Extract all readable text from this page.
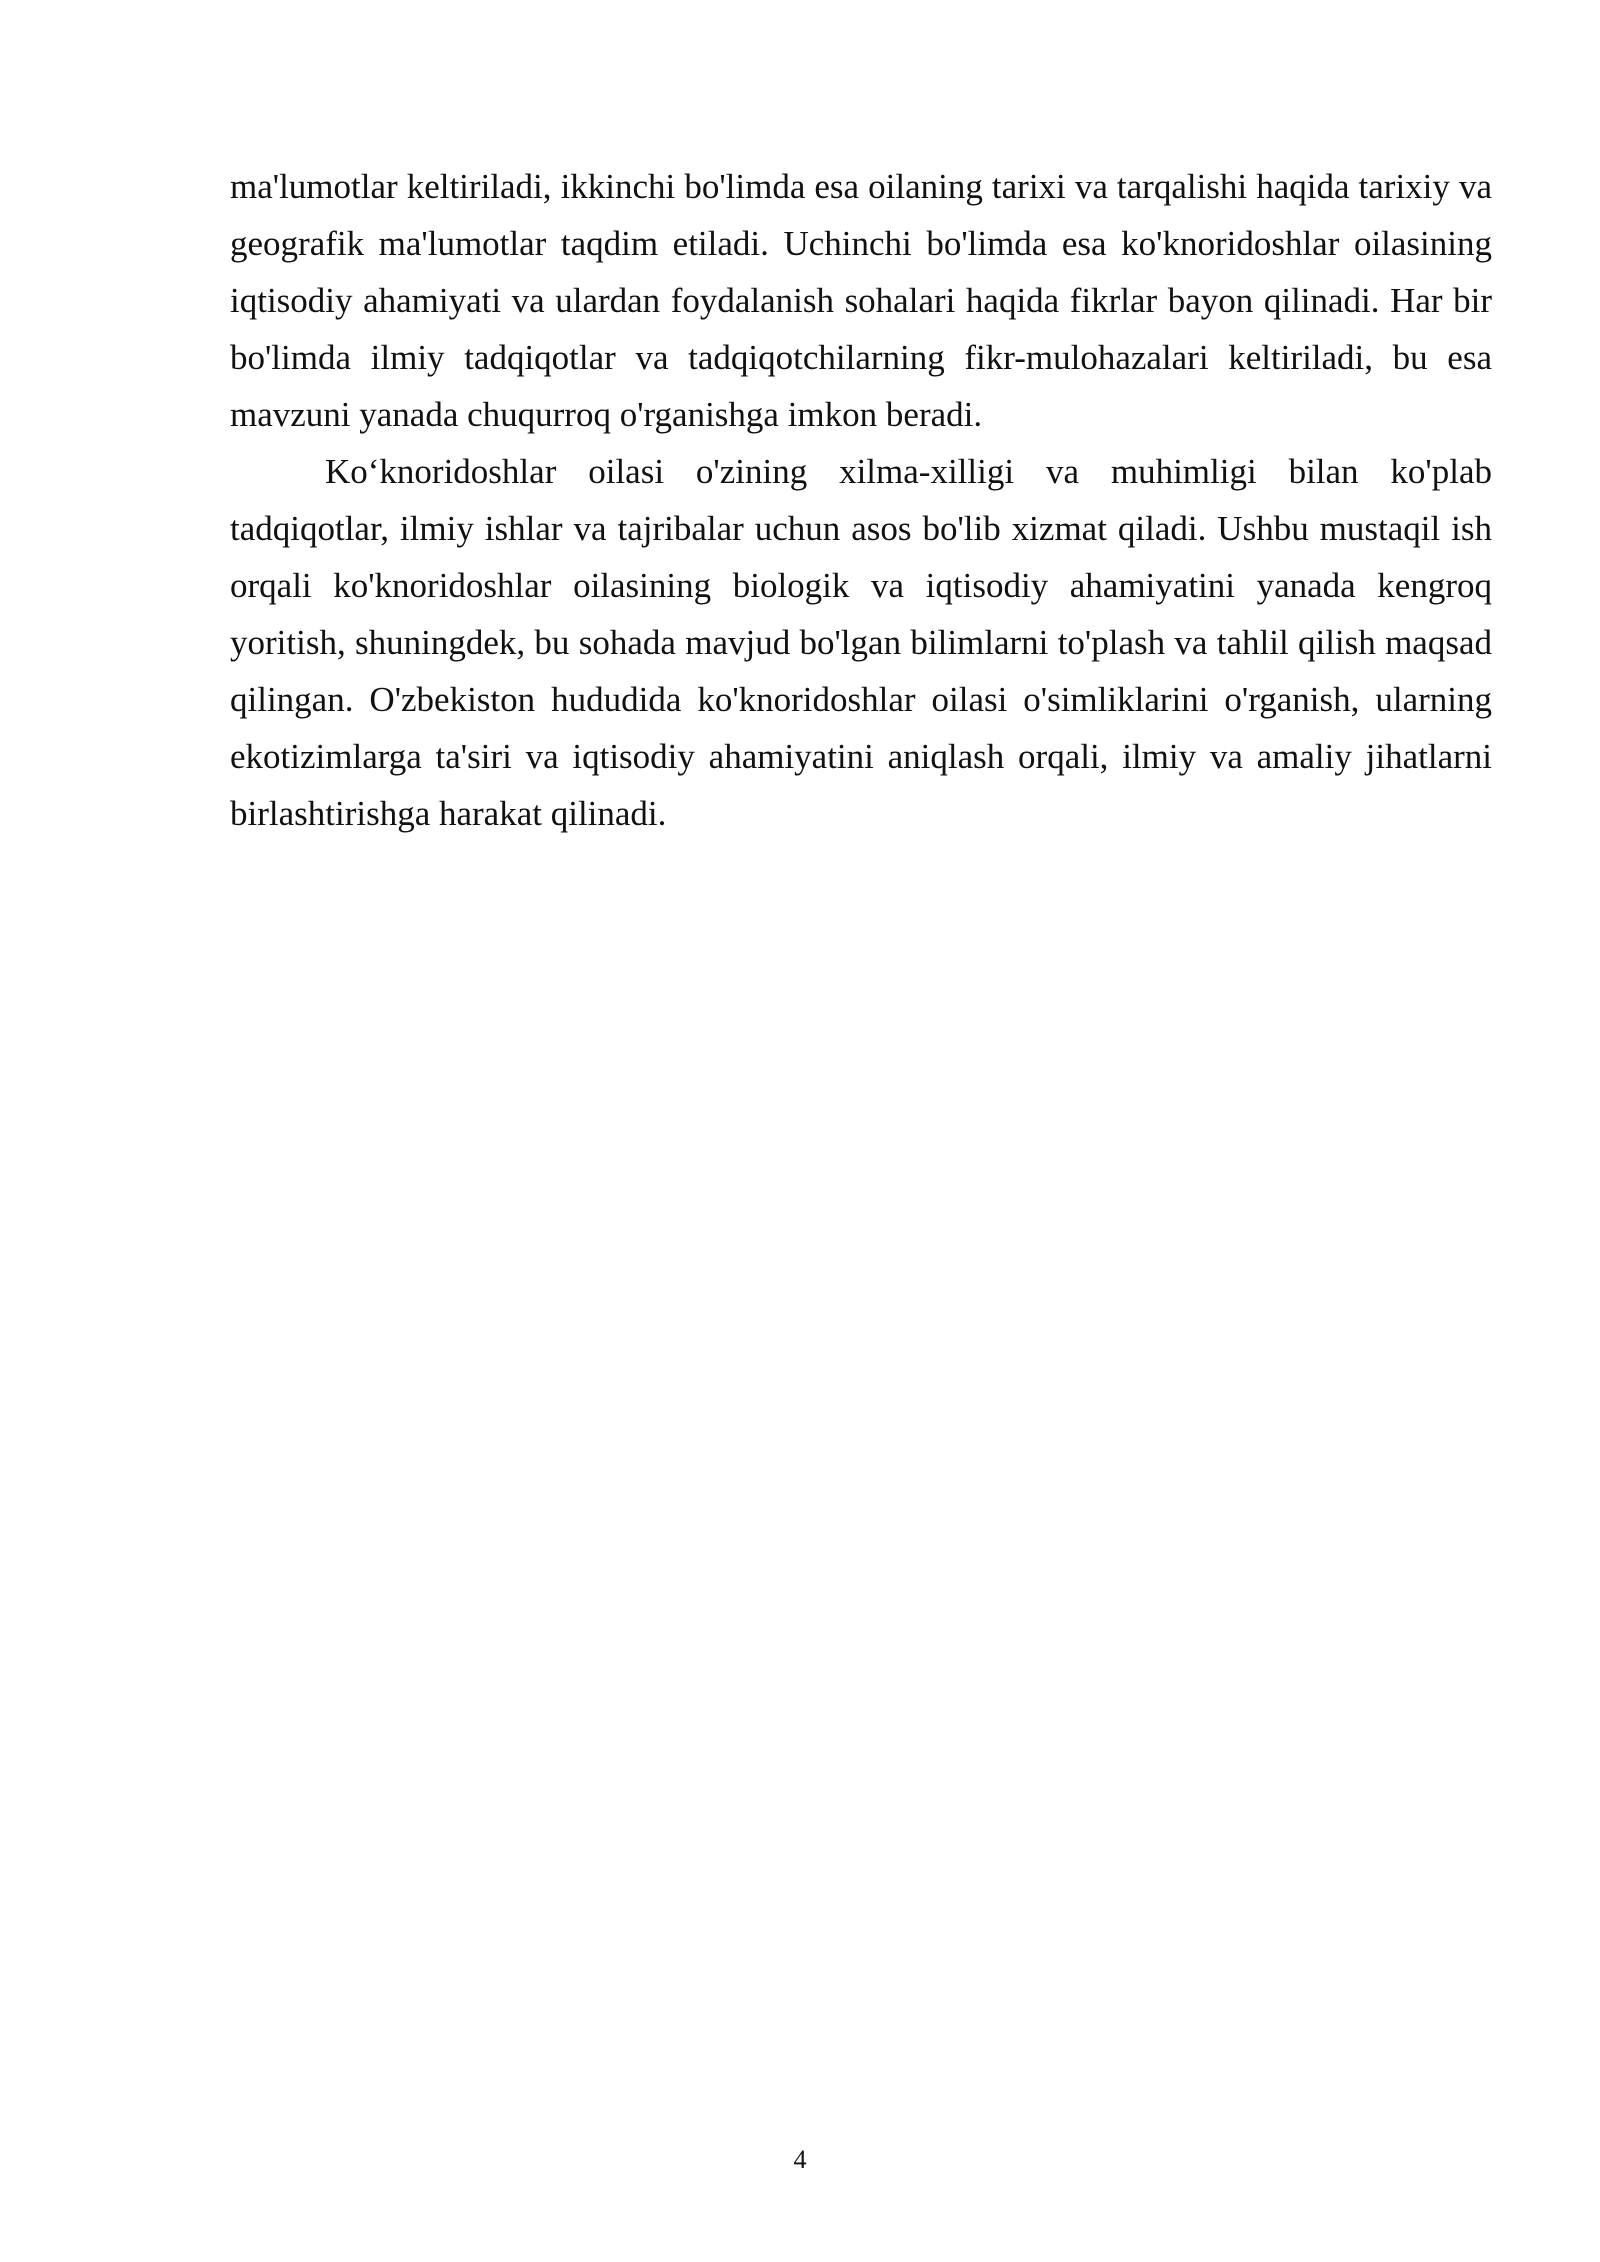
ma'lumotlar keltiriladi, ikkinchi bo'limda esa oilaning tarixi va tarqalishi haqida tarixiy va geografik ma'lumotlar taqdim etiladi. Uchinchi bo'limda esa ko'knoridoshlar oilasining iqtisodiy ahamiyati va ulardan foydalanish sohalari haqida fikrlar bayon qilinadi. Har bir bo'limda ilmiy tadqiqotlar va tadqiqotchilarning fikr-mulohazalari keltiriladi, bu esa mavzuni yanada chuqurroq o'rganishga imkon beradi.

Ko‘knoridoshlar oilasi o'zining xilma-xilligi va muhimligi bilan ko'plab tadqiqotlar, ilmiy ishlar va tajribalar uchun asos bo'lib xizmat qiladi. Ushbu mustaqil ish orqali ko'knoridoshlar oilasining biologik va iqtisodiy ahamiyatini yanada kengroq yoritish, shuningdek, bu sohada mavjud bo'lgan bilimlarni to'plash va tahlil qilish maqsad qilingan. O'zbekiston hududida ko'knoridoshlar oilasi o'simliklarini o'rganish, ularning ekotizimlarga ta'siri va iqtisodiy ahamiyatini aniqlash orqali, ilmiy va amaliy jihatlarni birlashtirishga harakat qilinadi.

4
